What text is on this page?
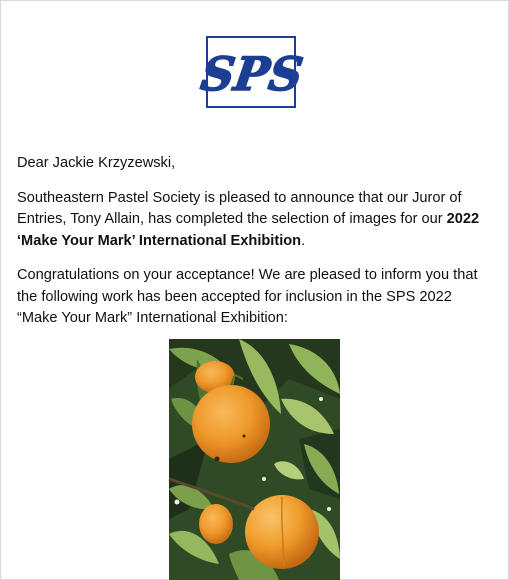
SPS

Dear Jackie Krzyzewski,

Southeastern Pastel Society is pleased to announce that our Juror of Entries, Tony Allain, has completed the selection of images for our 2022 ‘Make Your Mark’ International Exhibition.

Congratulations on your acceptance! We are pleased to inform you that the following work has been accepted for inclusion in the SPS 2022 “Make Your Mark” International Exhibition:
